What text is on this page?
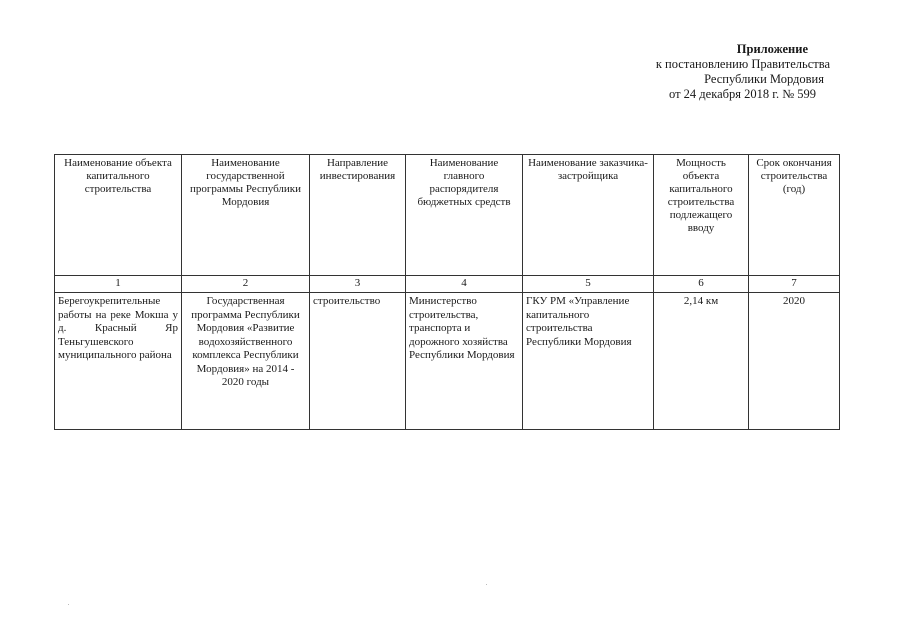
Приложение
к постановлению Правительства
Республики Мордовия
от 24 декабря 2018 г. № 599
Наименование объекта капитального строительства	Наименование государственной программы Республики Мордовия	Направление инвестирования	Наименование главного распорядителя бюджетных средств	Наименование заказчика-застройщика	Мощность объекта капитального строительства подлежащего вводу	Срок окончания строительства (год)
1	2	3	4	5	6	7
Берегоукрепительные работы на реке Мокша у д. Красный Яр Теньгушевского муниципального района	Государственная программа Республики Мордовия «Развитие водохозяйственного комплекса Республики Мордовия» на 2014 - 2020 годы	строительство	Министерство строительства, транспорта и дорожного хозяйства Республики Мордовия	ГКУ РМ «Управление капитального строительства Республики Мордовия	2,14 км	2020
